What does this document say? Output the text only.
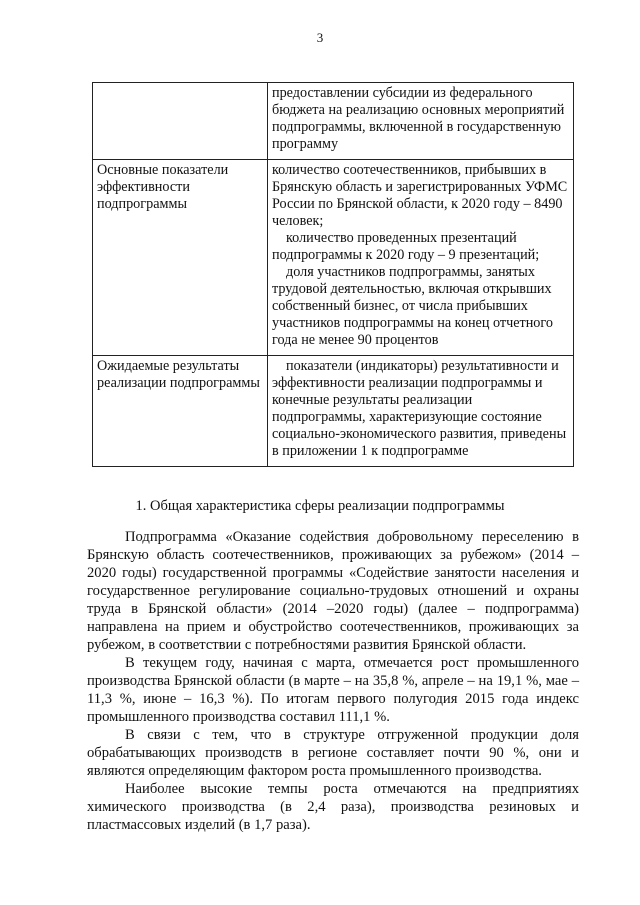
3

	предоставлении субсидии из федерального бюджета на реализацию основных мероприятий подпрограммы, включенной в государственную программу

Основные показатели эффективности подпрограммы	количество соотечественников, прибывших в Брянскую область и зарегистрированных УФМС России по Брянской области, к 2020 году – 8490 человек;
количество проведенных презентаций подпрограммы к 2020 году – 9 презентаций;
доля участников подпрограммы, занятых трудовой деятельностью, включая открывших собственный бизнес, от числа прибывших участников подпрограммы на конец отчетного года не менее 90 процентов

Ожидаемые результаты реализации подпрограммы	показатели (индикаторы) результативности и эффективности реализации подпрограммы и конечные результаты реализации подпрограммы, характеризующие состояние социально-экономического развития, приведены в приложении 1 к подпрограмме
1. Общая характеристика сферы реализации подпрограммы

Подпрограмма «Оказание содействия добровольному переселению в Брянскую область соотечественников, проживающих за рубежом» (2014 – 2020 годы) государственной программы «Содействие занятости населения и государственное регулирование социально-трудовых отношений и охраны труда в Брянской области» (2014 –2020 годы) (далее – подпрограмма) направлена на прием и обустройство соотечественников, проживающих за рубежом, в соответствии с потребностями развития Брянской области.

В текущем году, начиная с марта, отмечается рост промышленного производства Брянской области (в марте – на 35,8 %, апреле – на 19,1 %, мае – 11,3 %, июне – 16,3 %). По итогам первого полугодия 2015 года индекс промышленного производства составил 111,1 %.

В связи с тем, что в структуре отгруженной продукции доля обрабатывающих производств в регионе составляет почти 90 %, они и являются определяющим фактором роста промышленного производства.

Наиболее высокие темпы роста отмечаются на предприятиях химического производства (в 2,4 раза), производства резиновых и пластмассовых изделий (в 1,7 раза).
